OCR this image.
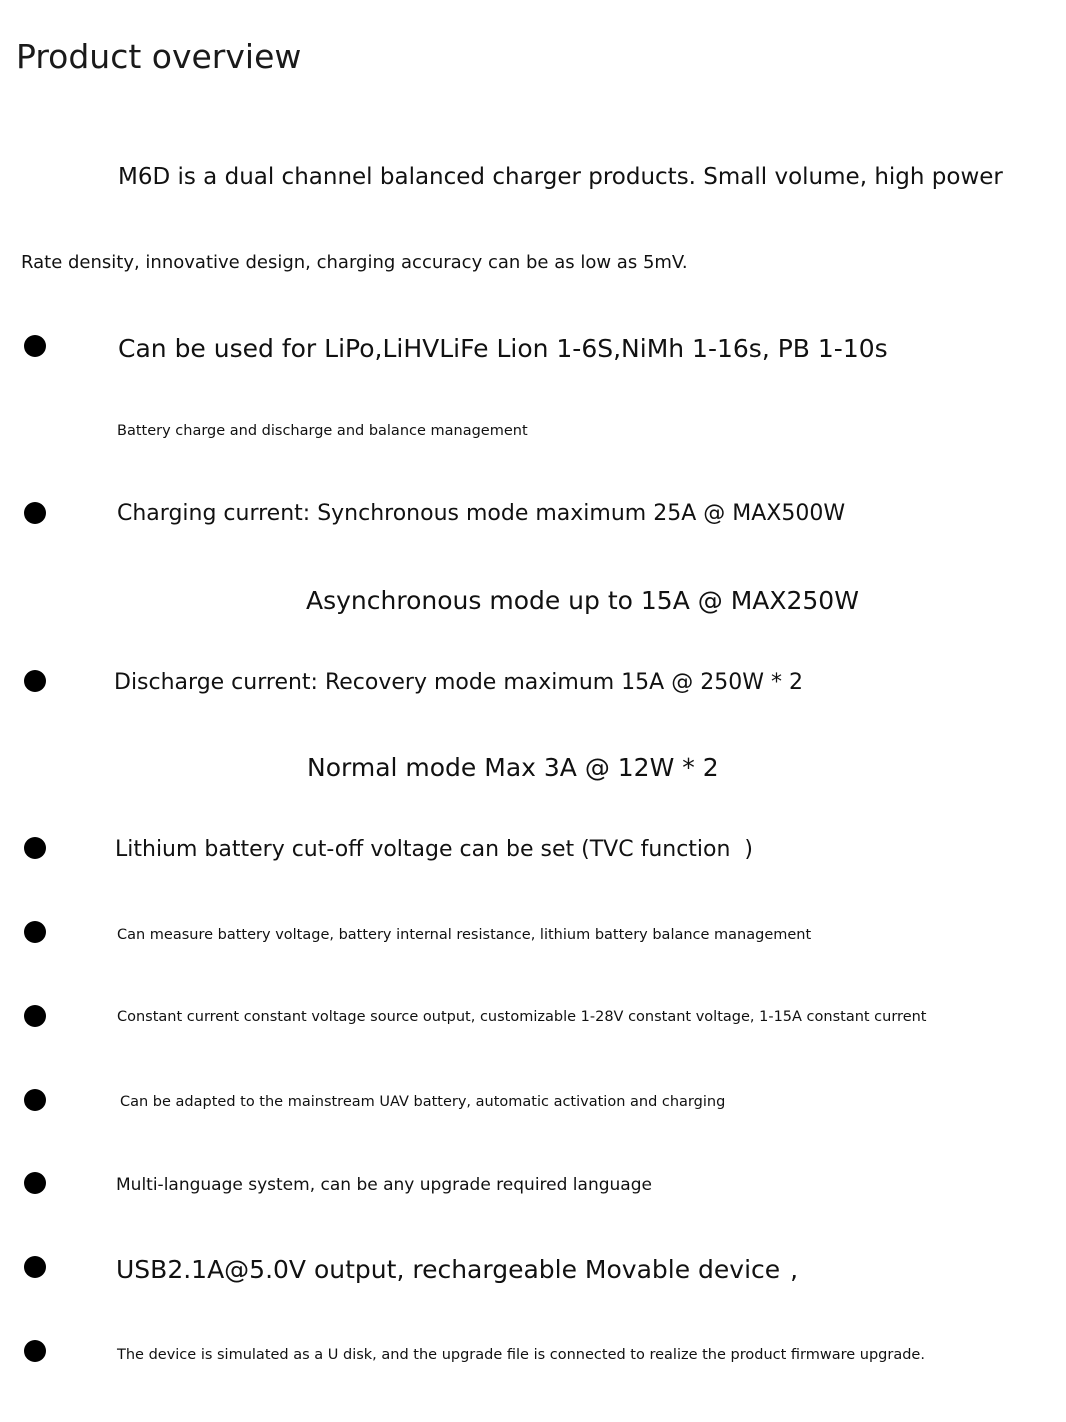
Product overview
M6D is a dual channel balanced charger products. Small volume, high power
Rate density, innovative design, charging accuracy can be as low as 5mV.
Can be used for LiPo,LiHVLiFe Lion 1-6S,NiMh 1-16s, PB 1-10s
Battery charge and discharge and balance management
Charging current: Synchronous mode maximum 25A @ MAX500W
Asynchronous mode up to 15A @ MAX250W
Discharge current: Recovery mode maximum 15A @ 250W * 2
Normal mode Max 3A @ 12W * 2
Lithium battery cut-off voltage can be set (TVC function  )
Can measure battery voltage, battery internal resistance, lithium battery balance management
Constant current constant voltage source output, customizable 1-28V constant voltage, 1-15A constant current
Can be adapted to the mainstream UAV battery, automatic activation and charging
Multi-language system, can be any upgrade required language
USB2.1A@5.0V output, rechargeable Movable device  ,
The device is simulated as a U disk, and the upgrade file is connected to realize the product firmware upgrade.
